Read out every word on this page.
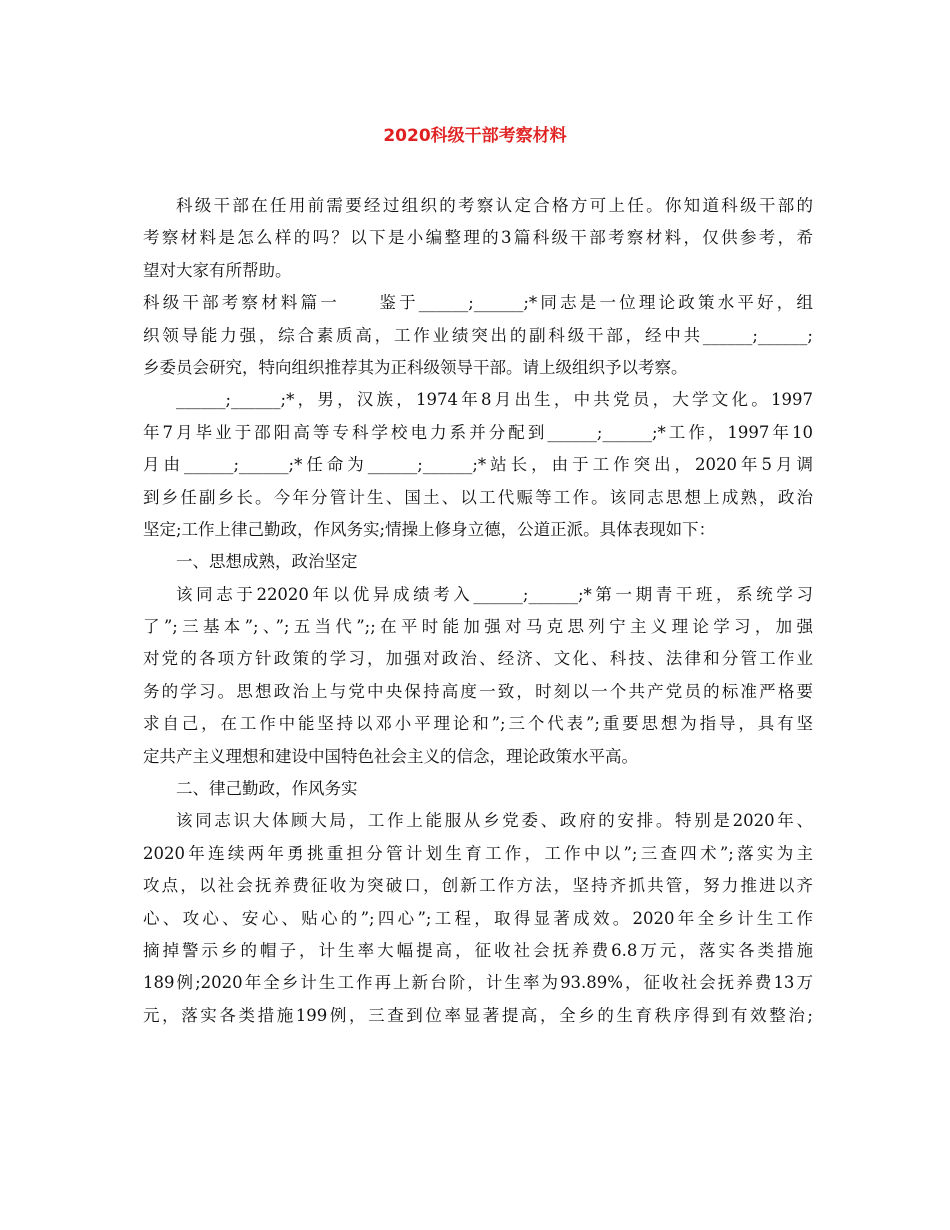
2020科级干部考察材料
科级干部在任用前需要经过组织的考察认定合格方可上任。你知道科级干部的
考察材料是怎么样的吗？以下是小编整理的3篇科级干部考察材料，仅供参考，希
望对大家有所帮助。
科级干部考察材料篇一　　鉴于______;______;*同志是一位理论政策水平好，组
织领导能力强，综合素质高，工作业绩突出的副科级干部，经中共______;______;
乡委员会研究，特向组织推荐其为正科级领导干部。请上级组织予以考察。
______;______;*，男，汉族，1974年8月出生，中共党员，大学文化。1997
年7月毕业于邵阳高等专科学校电力系并分配到______;______;*工作，1997年10
月由______;______;*任命为______;______;*站长，由于工作突出，2020年5月调
到乡任副乡长。今年分管计生、国土、以工代赈等工作。该同志思想上成熟，政治
坚定;工作上律己勤政，作风务实;情操上修身立德，公道正派。具体表现如下：
一、思想成熟，政治坚定
该同志于22020年以优异成绩考入______;______;*第一期青干班，系统学习
了”;三基本”;、”;五当代”;;在平时能加强对马克思列宁主义理论学习，加强
对党的各项方针政策的学习，加强对政治、经济、文化、科技、法律和分管工作业
务的学习。思想政治上与党中央保持高度一致，时刻以一个共产党员的标准严格要
求自己，在工作中能坚持以邓小平理论和”;三个代表”;重要思想为指导，具有坚
定共产主义理想和建设中国特色社会主义的信念，理论政策水平高。
二、律己勤政，作风务实
该同志识大体顾大局，工作上能服从乡党委、政府的安排。特别是2020年、
2020年连续两年勇挑重担分管计划生育工作，工作中以”;三查四术”;落实为主
攻点，以社会抚养费征收为突破口，创新工作方法，坚持齐抓共管，努力推进以齐
心、攻心、安心、贴心的”;四心”;工程，取得显著成效。2020年全乡计生工作
摘掉警示乡的帽子，计生率大幅提高，征收社会抚养费6.8万元，落实各类措施
189例;2020年全乡计生工作再上新台阶，计生率为93.89%，征收社会抚养费13万
元，落实各类措施199例，三查到位率显著提高，全乡的生育秩序得到有效整治;
